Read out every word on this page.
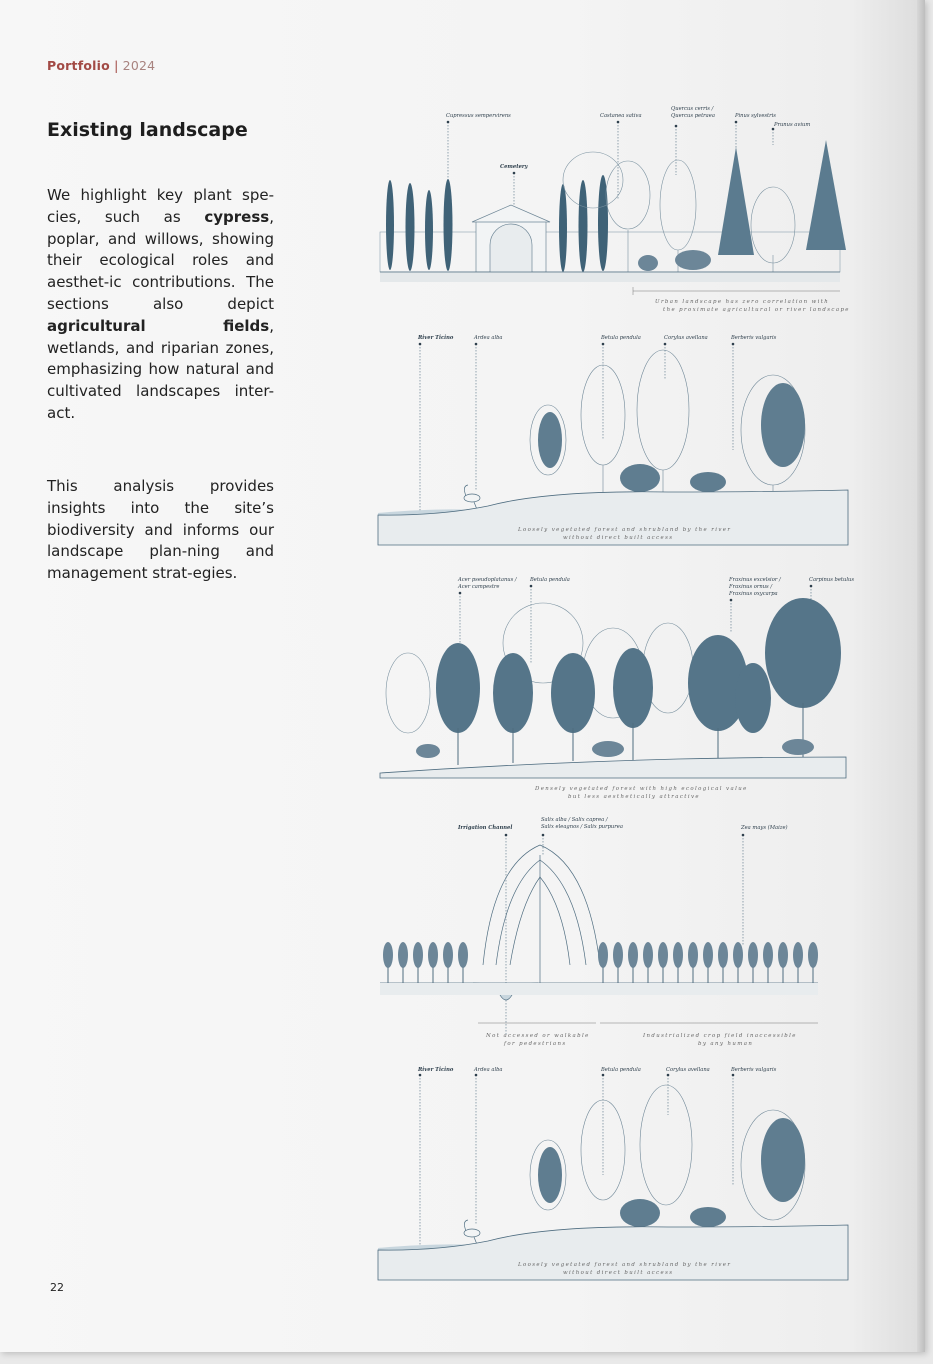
Portfolio | 2024
Existing landscape

We highlight key plant spe-cies, such as cypress, poplar, and willows, showing their ecological roles and aesthet-ic contributions. The sections also depict agricultural fields, wetlands, and riparian zones, emphasizing how natural and cultivated landscapes inter-act.

This analysis provides insights into the site’s biodiversity and informs our landscape plan-ning and management strat-egies.

22
Cupressus sempervirens
Cemetery
Castanea sativa
Quercus cerris /
Quercus petraea	Pinus sylvestris
Prunus avium
Urban landscape has zero correlation with
the proximate agricultural or river landscape
River Ticino	Ardea alba	Betula pendula	Corylus avellana	Berberis vulgaris
Loosely vegetated forest and shrubland by the river
without direct built access
Acer pseudoplatanus /
Acer campestre
Betula pendula	Fraxinus excelsior /
Fraxinus ornus /
Fraxinus oxycarpa
Carpinus betulus
Densely vegetated forest with high ecological value
but less aesthetically attractive
Irrigation Channel
Salix alba / Salix caprea /
Salix eleagnos / Salix purpurea	Zea mays (Maize)
Not accessed or walkable
for pedestrians
Industrialized crop field inaccessible
by any human
River Ticino	Ardea alba	Betula pendula	Corylus avellana	Berberis vulgaris
Loosely vegetated forest and shrubland by the river
without direct built access
